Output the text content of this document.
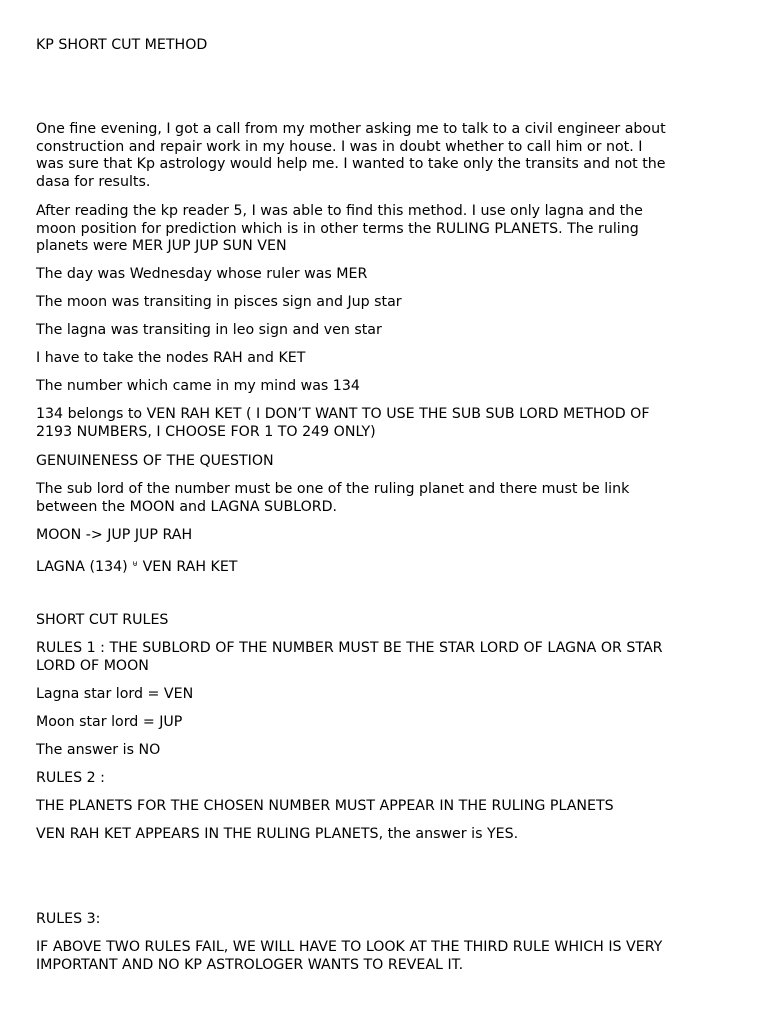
KP SHORT CUT METHOD

One fine evening, I got a call from my mother asking me to talk to a civil engineer about
construction and repair work in my house. I was in doubt whether to call him or not. I
was sure that Kp astrology would help me. I wanted to take only the transits and not the
dasa for results.
After reading the kp reader 5, I was able to find this method. I use only lagna and the
moon position for prediction which is in other terms the RULING PLANETS. The ruling
planets were MER JUP JUP SUN VEN

The day was Wednesday whose ruler was MER

The moon was transiting in pisces sign and Jup star

The lagna was transiting in leo sign and ven star

I have to take the nodes RAH and KET

The number which came in my mind was 134

134 belongs to VEN RAH KET ( I DON’T WANT TO USE THE SUB SUB LORD METHOD OF
2193 NUMBERS, I CHOOSE FOR 1 TO 249 ONLY)

GENUINENESS OF THE QUESTION

The sub lord of the number must be one of the ruling planet and there must be link
between the MOON and LAGNA SUBLORD.

MOON -> JUP JUP RAH

LAGNA (134) ⊎ VEN RAH KET

SHORT CUT RULES

RULES 1 : THE SUBLORD OF THE NUMBER MUST BE THE STAR LORD OF LAGNA OR STAR
LORD OF MOON

Lagna star lord = VEN

Moon star lord = JUP

The answer is NO

RULES 2 :

THE PLANETS FOR THE CHOSEN NUMBER MUST APPEAR IN THE RULING PLANETS

VEN RAH KET APPEARS IN THE RULING PLANETS, the answer is YES.

RULES 3:

IF ABOVE TWO RULES FAIL, WE WILL HAVE TO LOOK AT THE THIRD RULE WHICH IS VERY
IMPORTANT AND NO KP ASTROLOGER WANTS TO REVEAL IT.
